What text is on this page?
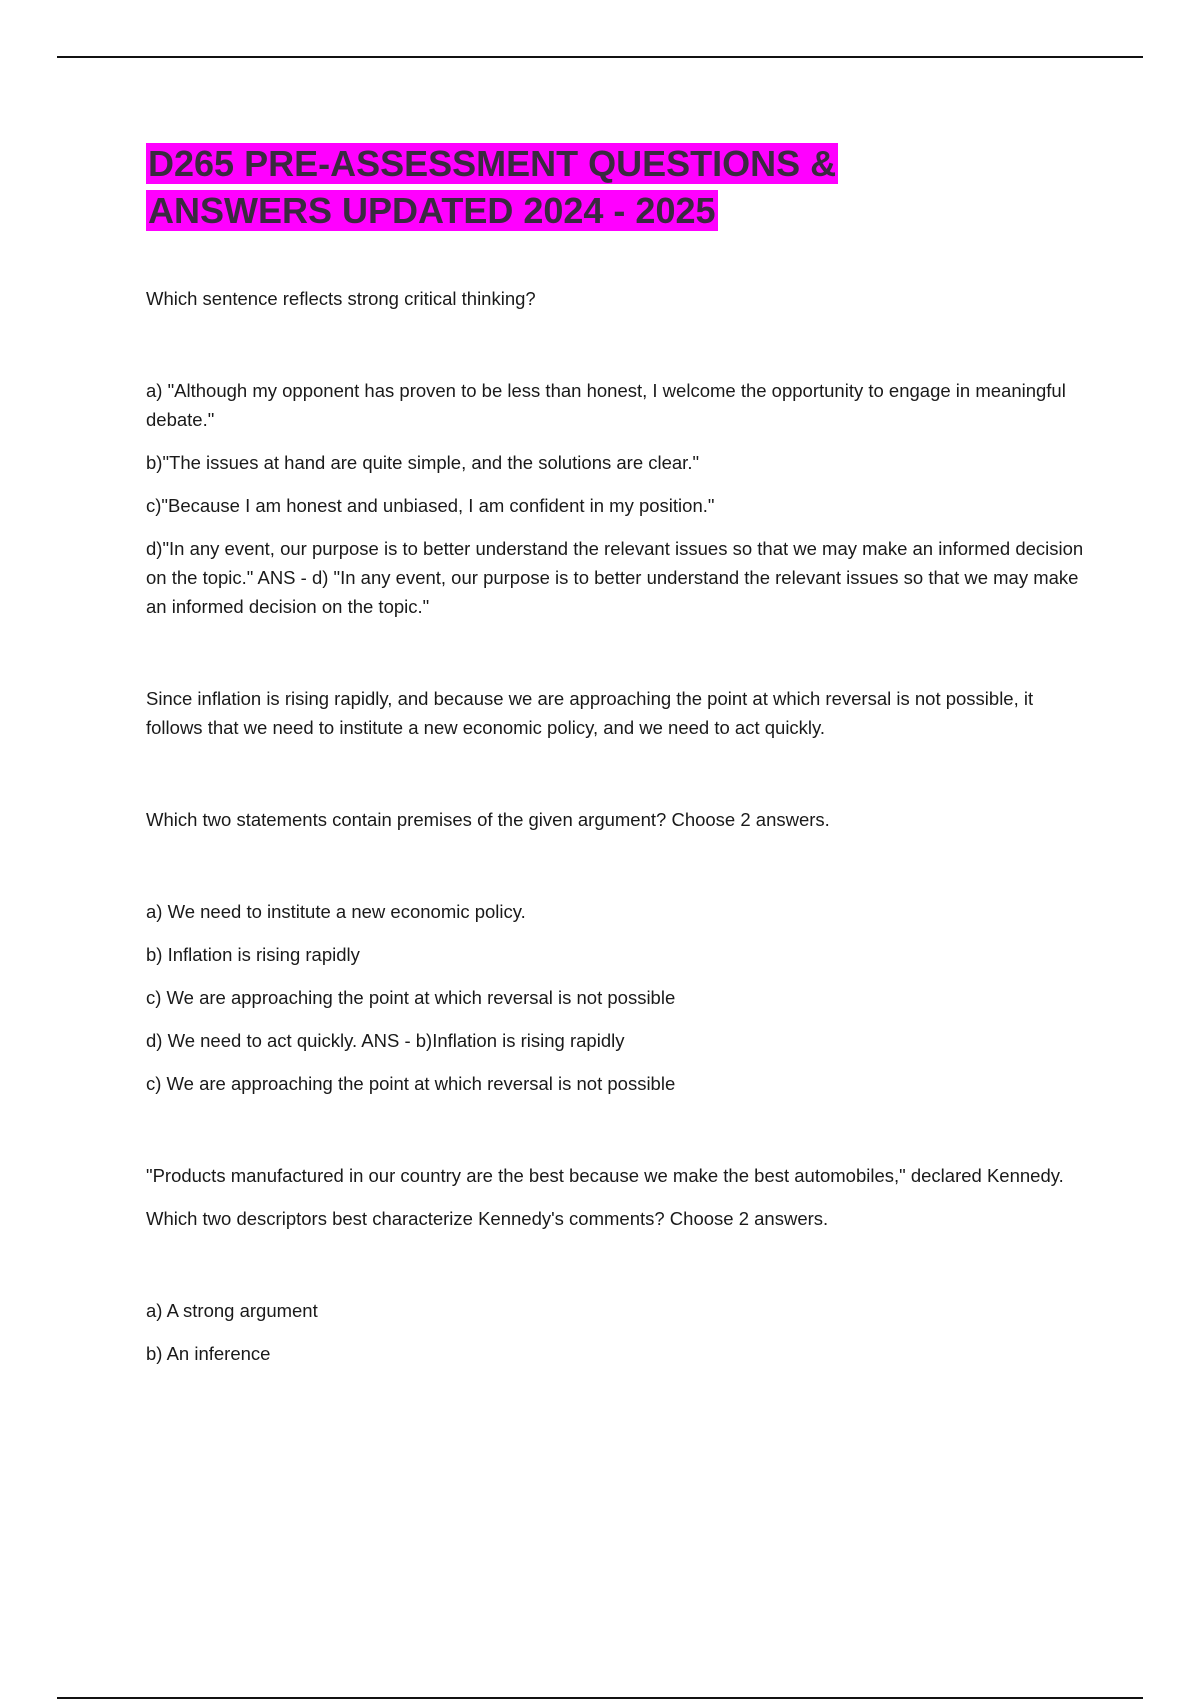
D265 PRE-ASSESSMENT QUESTIONS &
ANSWERS UPDATED 2024 - 2025

Which sentence reflects strong critical thinking?

a) "Although my opponent has proven to be less than honest, I welcome the opportunity to engage in meaningful debate."

b)"The issues at hand are quite simple, and the solutions are clear."

c)"Because I am honest and unbiased, I am confident in my position."

d)"In any event, our purpose is to better understand the relevant issues so that we may make an informed decision on the topic." ANS - d) "In any event, our purpose is to better understand the relevant issues so that we may make an informed decision on the topic."

Since inflation is rising rapidly, and because we are approaching the point at which reversal is not possible, it follows that we need to institute a new economic policy, and we need to act quickly.

Which two statements contain premises of the given argument? Choose 2 answers.

a) We need to institute a new economic policy.

b) Inflation is rising rapidly

c) We are approaching the point at which reversal is not possible

d) We need to act quickly. ANS - b)Inflation is rising rapidly

c) We are approaching the point at which reversal is not possible

"Products manufactured in our country are the best because we make the best automobiles," declared Kennedy.

Which two descriptors best characterize Kennedy's comments? Choose 2 answers.

a) A strong argument

b) An inference
